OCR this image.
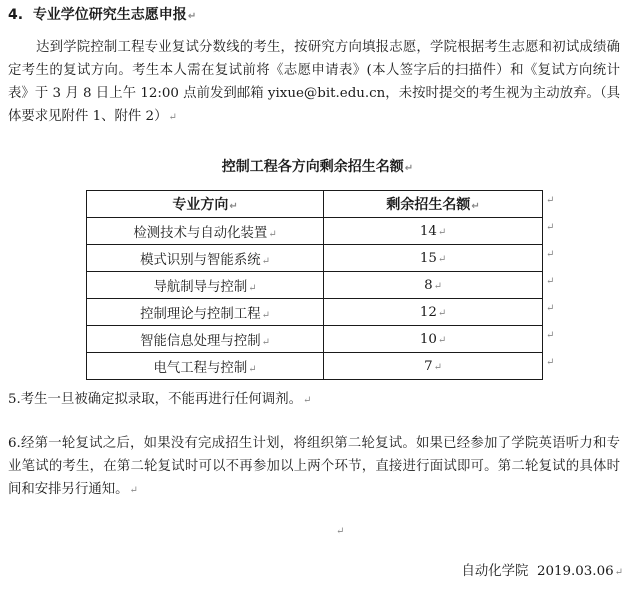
4. 专业学位研究生志愿申报↵

达到学院控制工程专业复试分数线的考生，按研究方向填报志愿，学院根据考生志愿和初试成绩确定考生的复试方向。考生本人需在复试前将《志愿申请表》(本人签字后的扫描件）和《复试方向统计表》于 3 月 8 日上午 12:00 点前发到邮箱 yixue@bit.edu.cn，未按时提交的考生视为主动放弃。（具体要求见附件 1、附件 2）↵

控制工程各方向剩余招生名额↵
专业方向↵	剩余招生名额↵
检测技术与自动化装置↵	14↵
模式识别与智能系统↵	15↵
导航制导与控制↵	8↵
控制理论与控制工程↵	12↵
智能信息处理与控制↵	10↵
电气工程与控制↵	7↵
↵
↵
↵
↵
↵
↵
↵

5.考生一旦被确定拟录取，不能再进行任何调剂。↵

6.经第一轮复试之后，如果没有完成招生计划，将组织第二轮复试。如果已经参加了学院英语听力和专业笔试的考生，在第二轮复试时可以不再参加以上两个环节，直接进行面试即可。第二轮复试的具体时间和安排另行通知。↵

↵
自动化学院 2019.03.06↵
